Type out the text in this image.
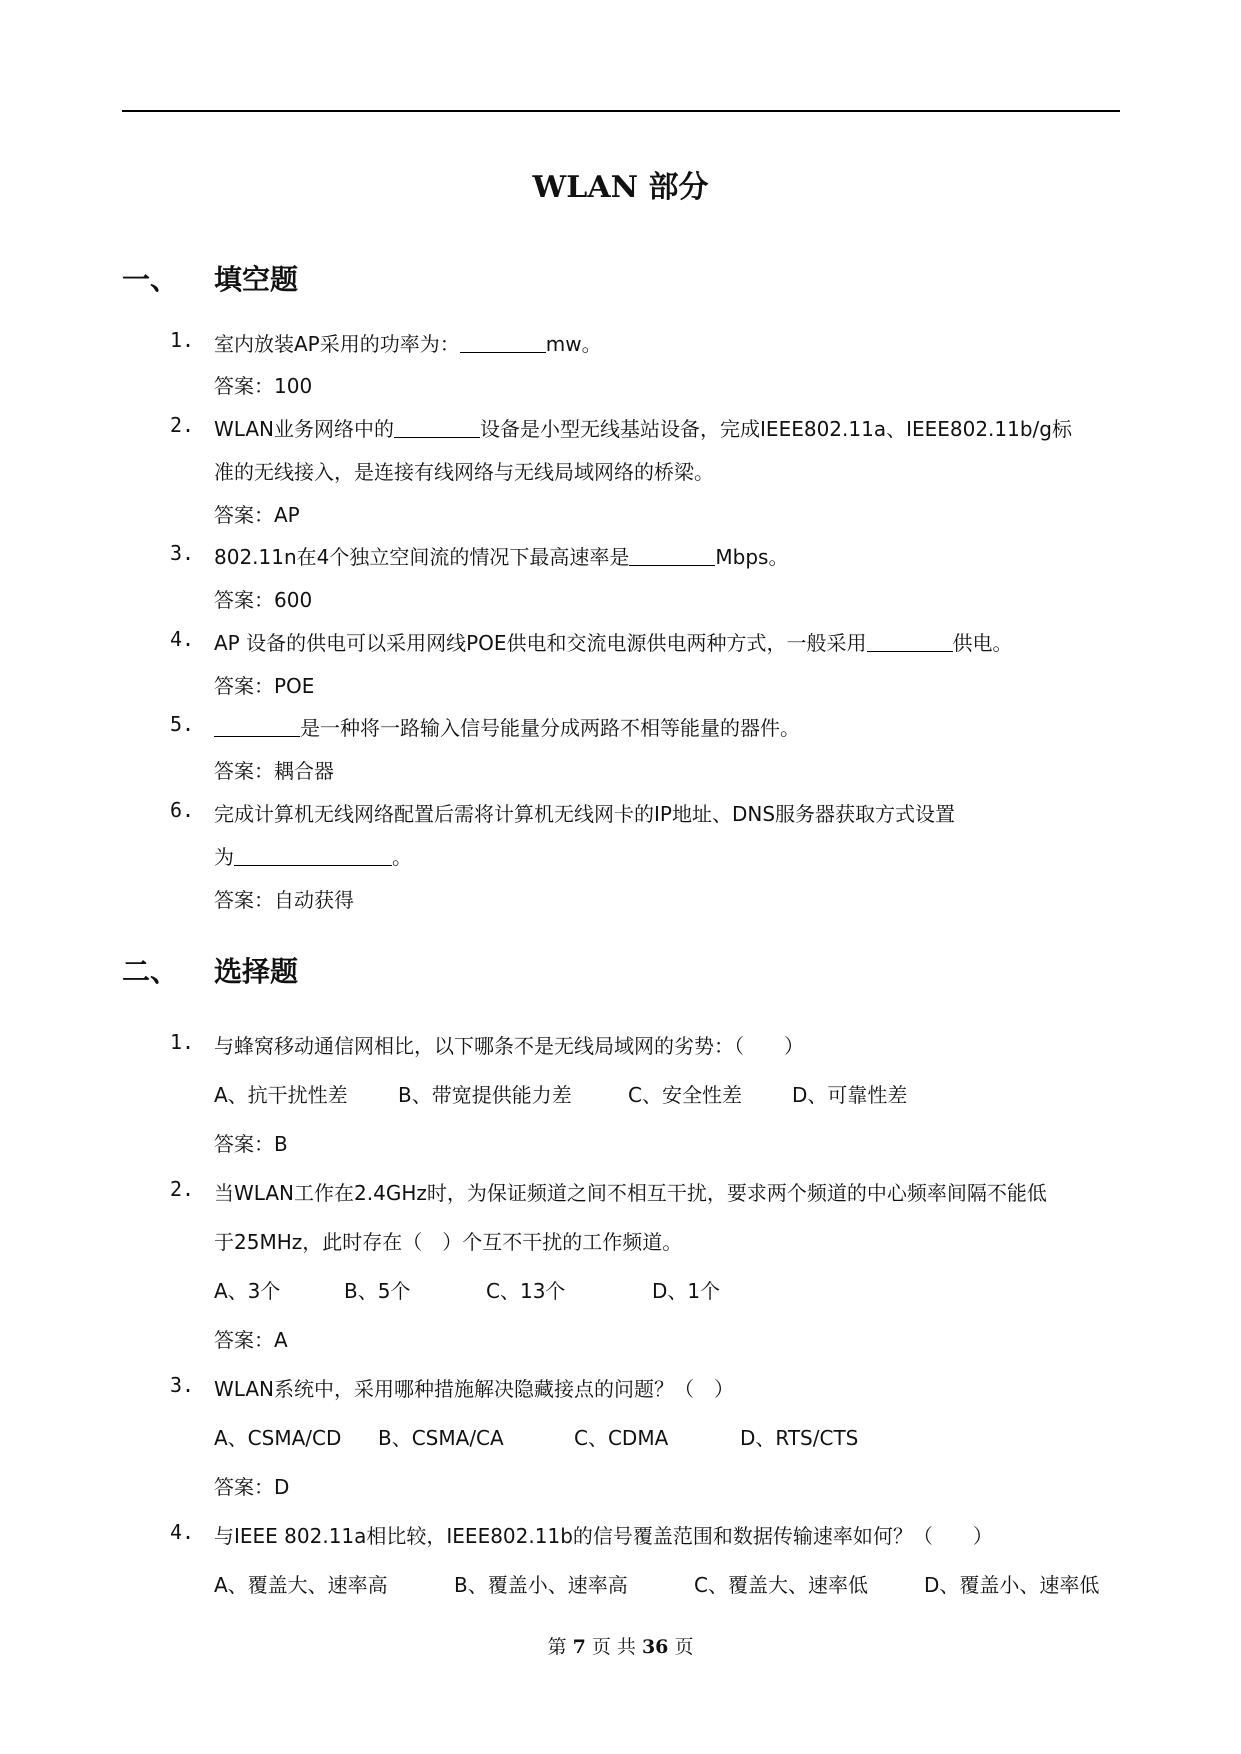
WLAN 部分
一、 填空题
1. 室内放装AP采用的功率为：	mw。
答案：100
2. WLAN业务网络中的	设备是小型无线基站设备，完成IEEE802.11a、IEEE802.11b/g标
准的无线接入，是连接有线网络与无线局域网络的桥梁。
答案：AP
3. 802.11n在4个独立空间流的情况下最高速率是	Mbps。
答案：600
4. AP 设备的供电可以采用网线POE供电和交流电源供电两种方式，一般采用	供电。
答案：POE
5.	是一种将一路输入信号能量分成两路不相等能量的器件。
答案：耦合器
6. 完成计算机无线网络配置后需将计算机无线网卡的IP地址、DNS服务器获取方式设置
为	。
答案：自动获得
二、 选择题
1. 与蜂窝移动通信网相比，以下哪条不是无线局域网的劣势：（　　）
A、抗干扰性差	B、带宽提供能力差	C、安全性差	D、可靠性差
答案：B
2. 当WLAN工作在2.4GHz时，为保证频道之间不相互干扰，要求两个频道的中心频率间隔不能低
于25MHz，此时存在（　）个互不干扰的工作频道。
A、3个	B、5个	C、13个	D、1个
答案：A
3. WLAN系统中，采用哪种措施解决隐藏接点的问题？（　）
A、CSMA/CD B、CSMA/CA	C、CDMA	D、RTS/CTS
答案：D
4. 与IEEE 802.11a相比较，IEEE802.11b的信号覆盖范围和数据传输速率如何？（　　）
A、覆盖大、速率高	B、覆盖小、速率高	C、覆盖大、速率低	D、覆盖小、速率低
第 7 页 共 36 页
